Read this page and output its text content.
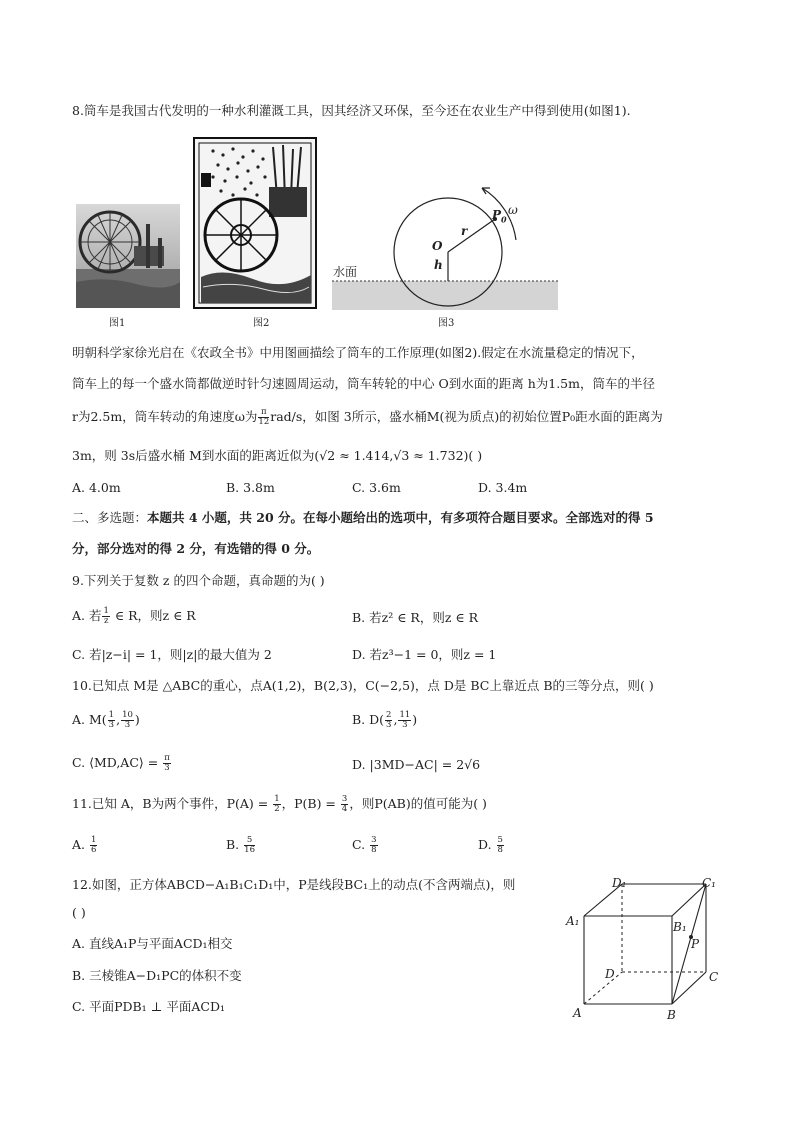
8.筒车是我国古代发明的一种水利灌溉工具，因其经济又环保，至今还在农业生产中得到使用(如图1).
图1	图2
O
r
h
$P_0$
ω
水面
图3
明朝科学家徐光启在《农政全书》中用图画描绘了筒车的工作原理(如图2).假定在水流量稳定的情况下，
筒车上的每一个盛水筒都做逆时针匀速圆周运动，筒车转轮的中心 O到水面的距离 h为1.5m，筒车的半径
r为2.5m，筒车转动的角速度ω为 $\frac{\pi}{12} rad/s$，如图 3所示，盛水桶M(视为质点)的初始位置P₀距水面的距离为
3m，则 3s后盛水桶 M到水面的距离近似为(√2 ≈ 1.414,√3 ≈ 1.732)( )
A. 4.0m	B. 3.8m	C. 3.6m	D. 3.4m
二、多选题：本题共 4 小题，共 20 分。在每小题给出的选项中，有多项符合题目要求。全部选对的得 5
分，部分选对的得 2 分，有选错的得 0 分。
9.下列关于复数 z 的四个命题，真命题的为( )
A. 若 $\frac{1}{z}$ ∈ R，则z ∈ R	B. 若z² ∈ R，则z ∈ R
C. 若|z−i| = 1，则|z|的最大值为 2	D. 若z³−1 = 0，则z = 1
10.已知点 M是 △ABC的重心，点A(1,2)，B(2,3)，C(−2,5)，点 D是 BC上靠近点 B的三等分点，则( )
A. $M( \frac{1}{3}$ , $\frac{10}{3}$ )	B. $D( \frac{2}{3}$ , $\frac{11}{3}$ )
C. ⟨MD,AC⟩ = $\frac{\pi}{3}$	D. |3MD−AC| = 2√6
11.已知 A，B为两个事件，$P(A) = \frac{1}{2}$ ，$P(B) = \frac{3}{4}$ ，则P(AB)的值可能为( )
A. $\frac{1}{6}$	B. $\frac{5}{16}$	C. $\frac{3}{8}$	D. $\frac{5}{8}$
12.如图，正方体ABCD−A₁B₁C₁D₁中，P是线段BC₁上的动点(不含两端点)，则
( )
A. 直线A₁P与平面ACD₁相交
B. 三棱锥A−D₁PC的体积不变
C. 平面PDB₁ ⊥ 平面ACD₁
D₁	C₁
A₁	B₁
P
D	C
A	B
